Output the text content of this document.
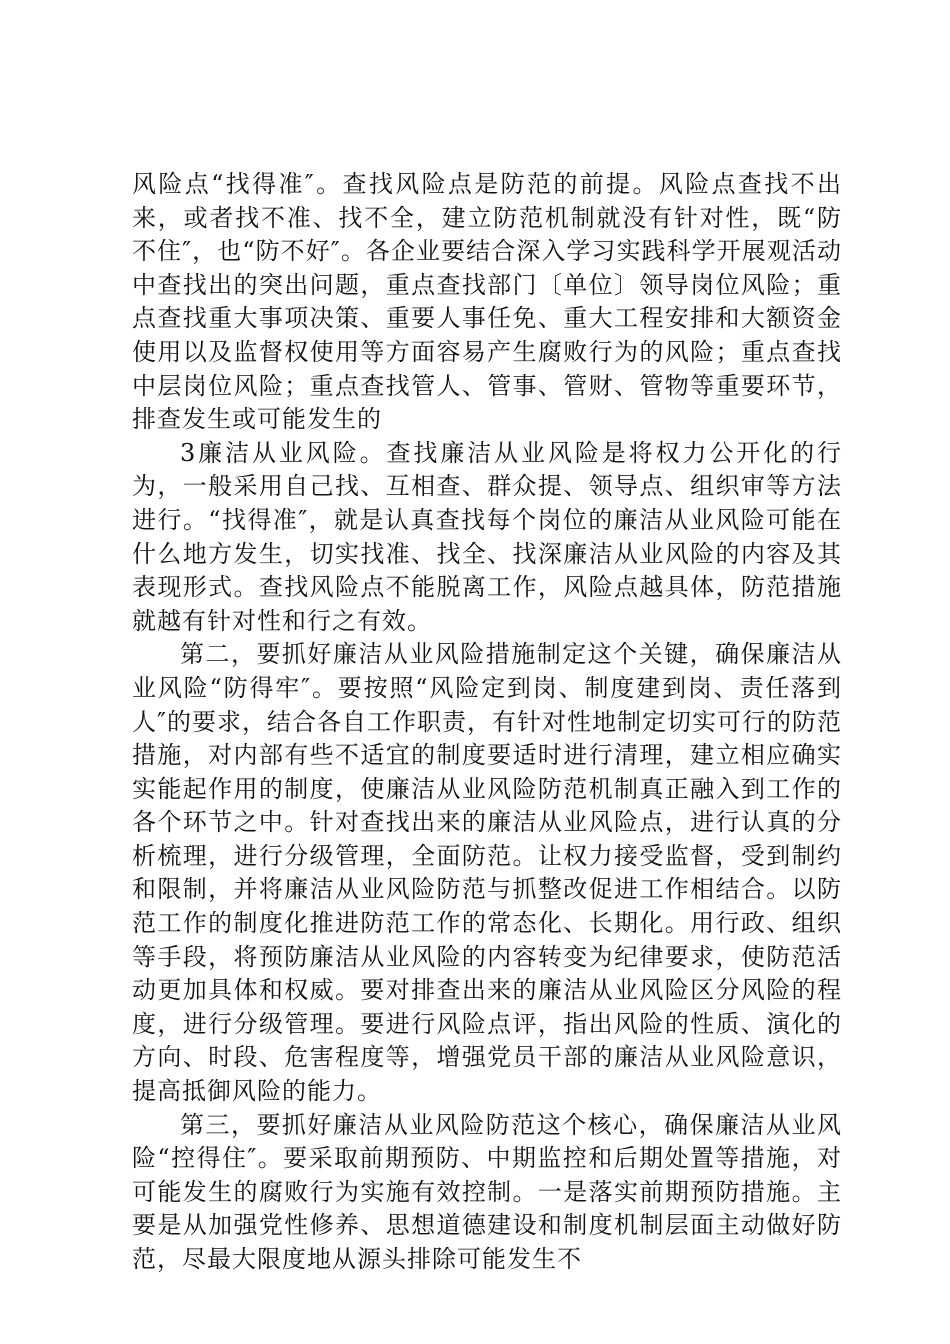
风险点“找得准″。查找风险点是防范的前提。风险点查找不出来，或者找不准、找不全，建立防范机制就没有针对性，既“防不住″，也“防不好″。各企业要结合深入学习实践科学开展观活动中查找出的突出问题，重点查找部门〔单位〕领导岗位风险；重点查找重大事项决策、重要人事任免、重大工程安排和大额资金使用以及监督权使用等方面容易产生腐败行为的风险；重点查找中层岗位风险；重点查找管人、管事、管财、管物等重要环节，排查发生或可能发生的

3廉洁从业风险。查找廉洁从业风险是将权力公开化的行为，一般采用自己找、互相查、群众提、领导点、组织审等方法进行。“找得准″，就是认真查找每个岗位的廉洁从业风险可能在什么地方发生，切实找准、找全、找深廉洁从业风险的内容及其表现形式。查找风险点不能脱离工作，风险点越具体，防范措施就越有针对性和行之有效。

第二，要抓好廉洁从业风险措施制定这个关键，确保廉洁从业风险“防得牢″。要按照“风险定到岗、制度建到岗、责任落到人″的要求，结合各自工作职责，有针对性地制定切实可行的防范措施，对内部有些不适宜的制度要适时进行清理，建立相应确实实能起作用的制度，使廉洁从业风险防范机制真正融入到工作的各个环节之中。针对查找出来的廉洁从业风险点，进行认真的分析梳理，进行分级管理，全面防范。让权力接受监督，受到制约和限制，并将廉洁从业风险防范与抓整改促进工作相结合。以防范工作的制度化推进防范工作的常态化、长期化。用行政、组织等手段，将预防廉洁从业风险的内容转变为纪律要求，使防范活动更加具体和权威。要对排查出来的廉洁从业风险区分风险的程度，进行分级管理。要进行风险点评，指出风险的性质、演化的方向、时段、危害程度等，增强党员干部的廉洁从业风险意识，提高抵御风险的能力。

第三，要抓好廉洁从业风险防范这个核心，确保廉洁从业风险“控得住″。要采取前期预防、中期监控和后期处置等措施，对可能发生的腐败行为实施有效控制。一是落实前期预防措施。主要是从加强党性修养、思想道德建设和制度机制层面主动做好防范，尽最大限度地从源头排除可能发生不
